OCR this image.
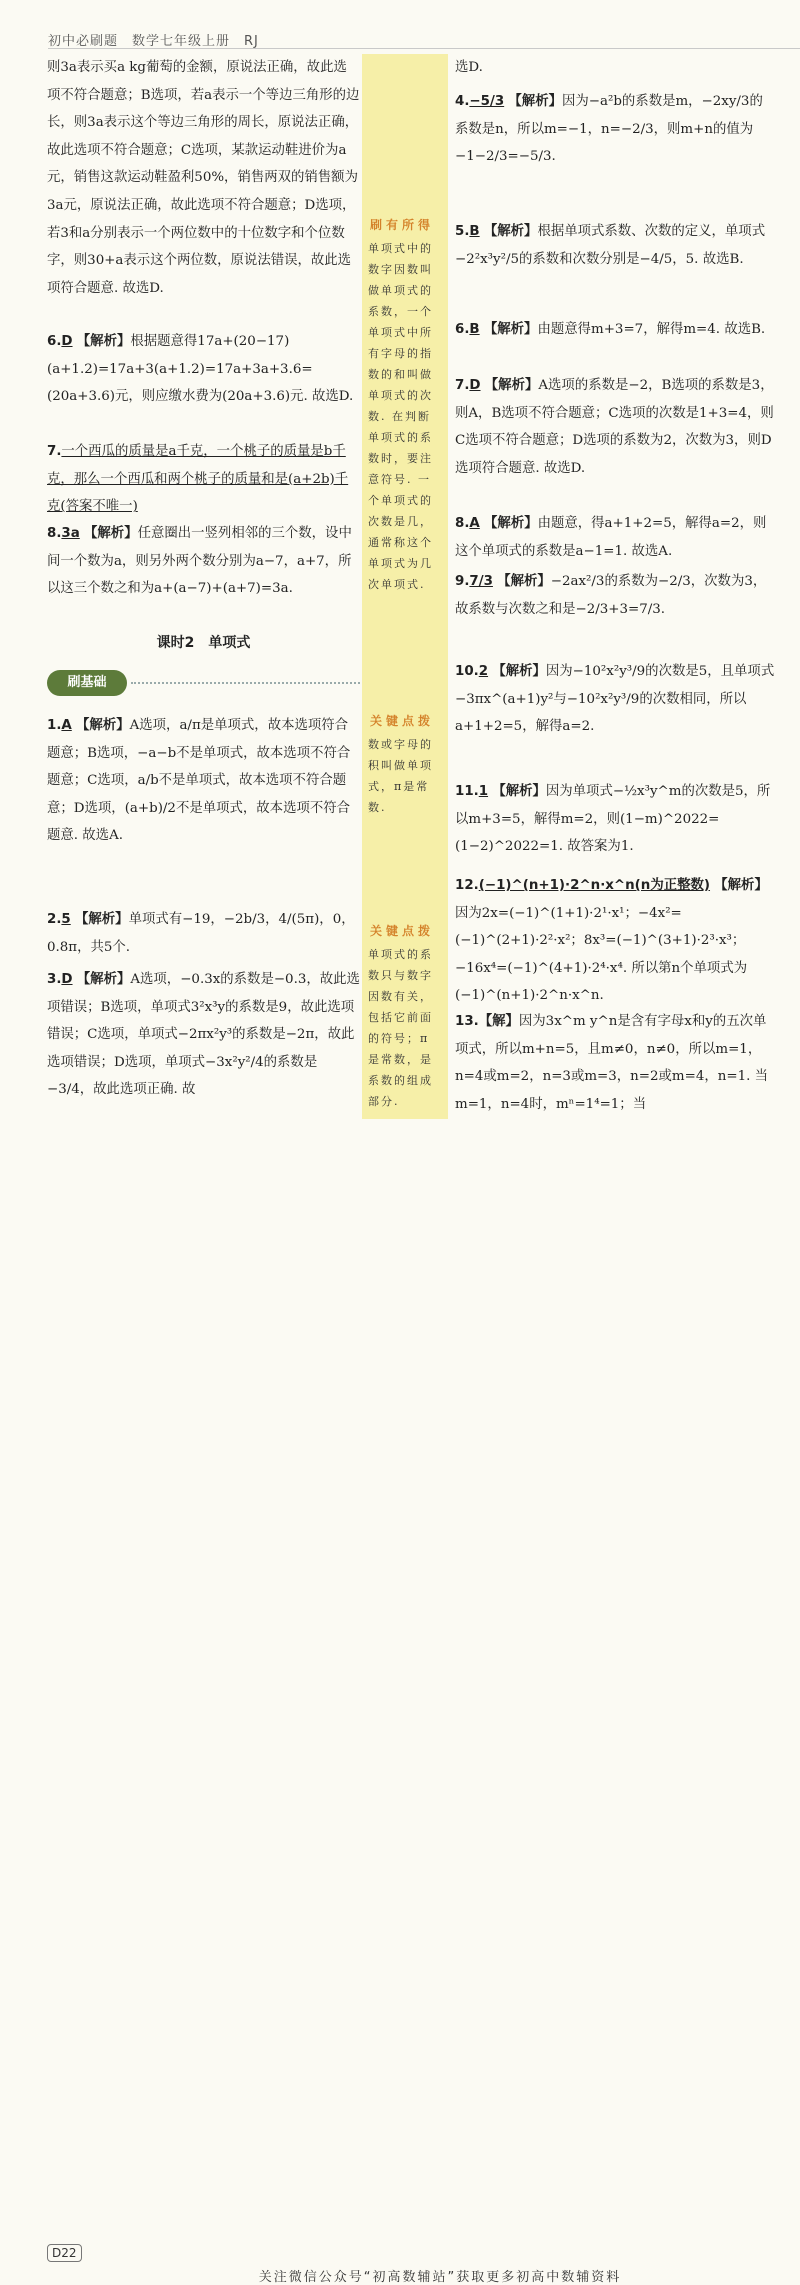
初中必刷题　数学七年级上册　RJ

则3a表示买a kg葡萄的金额，原说法正确，故此选项不符合题意；B选项，若a表示一个等边三角形的边长，则3a表示这个等边三角形的周长，原说法正确，故此选项不符合题意；C选项，某款运动鞋进价为a元，销售这款运动鞋盈利50%，销售两双的销售额为3a元，原说法正确，故此选项不符合题意；D选项，若3和a分别表示一个两位数中的十位数字和个位数字，则30+a表示这个两位数，原说法错误，故此选项符合题意. 故选D.

6.D 【解析】根据题意得17a+(20−17)(a+1.2)=17a+3(a+1.2)=17a+3a+3.6=(20a+3.6)元，则应缴水费为(20a+3.6)元. 故选D.

7.一个西瓜的质量是a千克，一个桃子的质量是b千克，那么一个西瓜和两个桃子的质量和是(a+2b)千克(答案不唯一)

8.3a 【解析】任意圈出一竖列相邻的三个数，设中间一个数为a，则另外两个数分别为a−7，a+7，所以这三个数之和为a+(a−7)+(a+7)=3a.

课时2　单项式
刷基础

1.A 【解析】A选项，a/π是单项式，故本选项符合题意；B选项，−a−b不是单项式，故本选项不符合题意；C选项，a/b不是单项式，故本选项不符合题意；D选项，(a+b)/2不是单项式，故本选项不符合题意. 故选A.

2.5 【解析】单项式有−19，−2b/3，4/(5π)，0，0.8π，共5个.

3.D 【解析】A选项，−0.3x的系数是−0.3，故此选项错误；B选项，单项式3²x³y的系数是9，故此选项错误；C选项，单项式−2πx²y³的系数是−2π，故此选项错误；D选项，单项式−3x²y²/4的系数是−3/4，故此选项正确. 故

刷有所得
单项式中的数字因数叫做单项式的系数，一个单项式中所有字母的指数的和叫做单项式的次数. 在判断单项式的系数时，要注意符号. 一个单项式的次数是几，通常称这个单项式为几次单项式.
关键点拨
数或字母的积叫做单项式，π是常数.
关键点拨
单项式的系数只与数字因数有关，包括它前面的符号；π是常数，是系数的组成部分.

选D.

4.−5/3 【解析】因为−a²b的系数是m，−2xy/3的系数是n，所以m=−1，n=−2/3，则m+n的值为−1−2/3=−5/3.

5.B 【解析】根据单项式系数、次数的定义，单项式−2²x³y²/5的系数和次数分别是−4/5，5. 故选B.

6.B 【解析】由题意得m+3=7，解得m=4. 故选B.

7.D 【解析】A选项的系数是−2，B选项的系数是3，则A，B选项不符合题意；C选项的次数是1+3=4，则C选项不符合题意；D选项的系数为2，次数为3，则D选项符合题意. 故选D.

8.A 【解析】由题意，得a+1+2=5，解得a=2，则这个单项式的系数是a−1=1. 故选A.

9.7/3 【解析】−2ax²/3的系数为−2/3，次数为3，故系数与次数之和是−2/3+3=7/3.

10.2 【解析】因为−10²x²y³/9的次数是5，且单项式−3πx^(a+1)y²与−10²x²y³/9的次数相同，所以a+1+2=5，解得a=2.

11.1 【解析】因为单项式−½x³y^m的次数是5，所以m+3=5，解得m=2，则(1−m)^2022=(1−2)^2022=1. 故答案为1.

12.(−1)^(n+1)·2^n·x^n(n为正整数) 【解析】因为2x=(−1)^(1+1)·2¹·x¹；−4x²=(−1)^(2+1)·2²·x²；8x³=(−1)^(3+1)·2³·x³；−16x⁴=(−1)^(4+1)·2⁴·x⁴. 所以第n个单项式为(−1)^(n+1)·2^n·x^n.

13.【解】因为3x^m y^n是含有字母x和y的五次单项式，所以m+n=5，且m≠0，n≠0，所以m=1，n=4或m=2，n=3或m=3，n=2或m=4，n=1. 当m=1，n=4时，mⁿ=1⁴=1；当

D22
关注微信公众号“初高数辅站”获取更多初高中数辅资料
